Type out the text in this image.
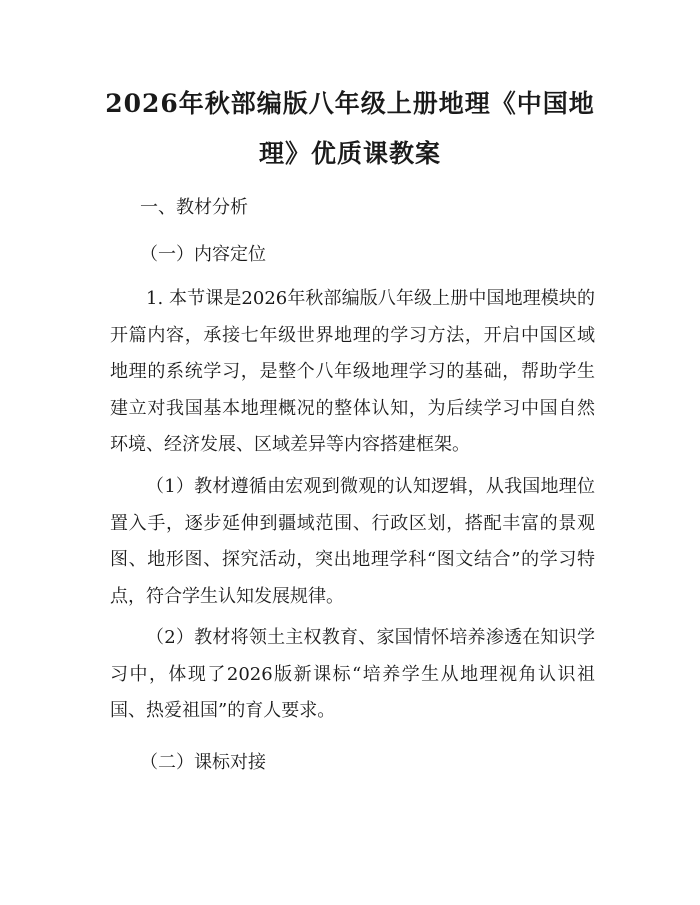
2026年秋部编版八年级上册地理《中国地
理》优质课教案
一、教材分析
（一）内容定位
1. 本节课是2026年秋部编版八年级上册中国地理模块的开篇内容，承接七年级世界地理的学习方法，开启中国区域地理的系统学习，是整个八年级地理学习的基础，帮助学生建立对我国基本地理概况的整体认知，为后续学习中国自然环境、经济发展、区域差异等内容搭建框架。
（1）教材遵循由宏观到微观的认知逻辑，从我国地理位置入手，逐步延伸到疆域范围、行政区划，搭配丰富的景观图、地形图、探究活动，突出地理学科“图文结合”的学习特点，符合学生认知发展规律。
（2）教材将领土主权教育、家国情怀培养渗透在知识学习中，体现了2026版新课标“培养学生从地理视角认识祖国、热爱祖国”的育人要求。
（二）课标对接
